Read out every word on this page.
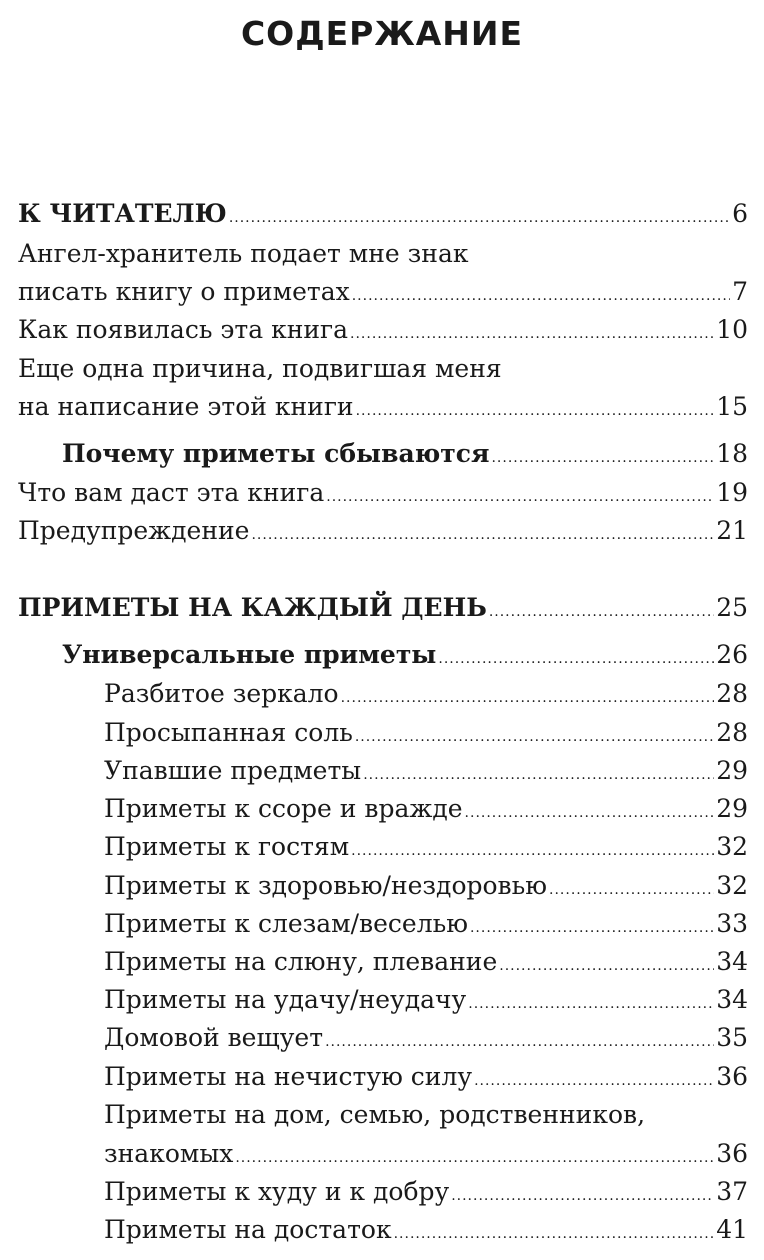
СОДЕРЖАНИЕ
К ЧИТАТЕЛЮ .....	6
Ангел-хранитель подает мне знак
писать книгу о приметах .....	7
Как появилась эта книга .....	10
Еще одна причина, подвигшая меня
на написание этой книги .....	15
Почему приметы сбываются .....	18
Что вам даст эта книга .....	19
Предупреждение .....	21
ПРИМЕТЫ НА КАЖДЫЙ ДЕНЬ .....	25
Универсальные приметы .....	26
Разбитое зеркало .....	28
Просыпанная соль .....	28
Упавшие предметы .....	29
Приметы к ссоре и вражде .....	29
Приметы к гостям .....	32
Приметы к здоровью/нездоровью .....	32
Приметы к слезам/веселью .....	33
Приметы на слюну, плевание .....	34
Приметы на удачу/неудачу .....	34
Домовой вещует .....	35
Приметы на нечистую силу .....	36
Приметы на дом, семью, родственников,
знакомых .....	36
Приметы к худу и к добру .....	37
Приметы на достаток .....	41
